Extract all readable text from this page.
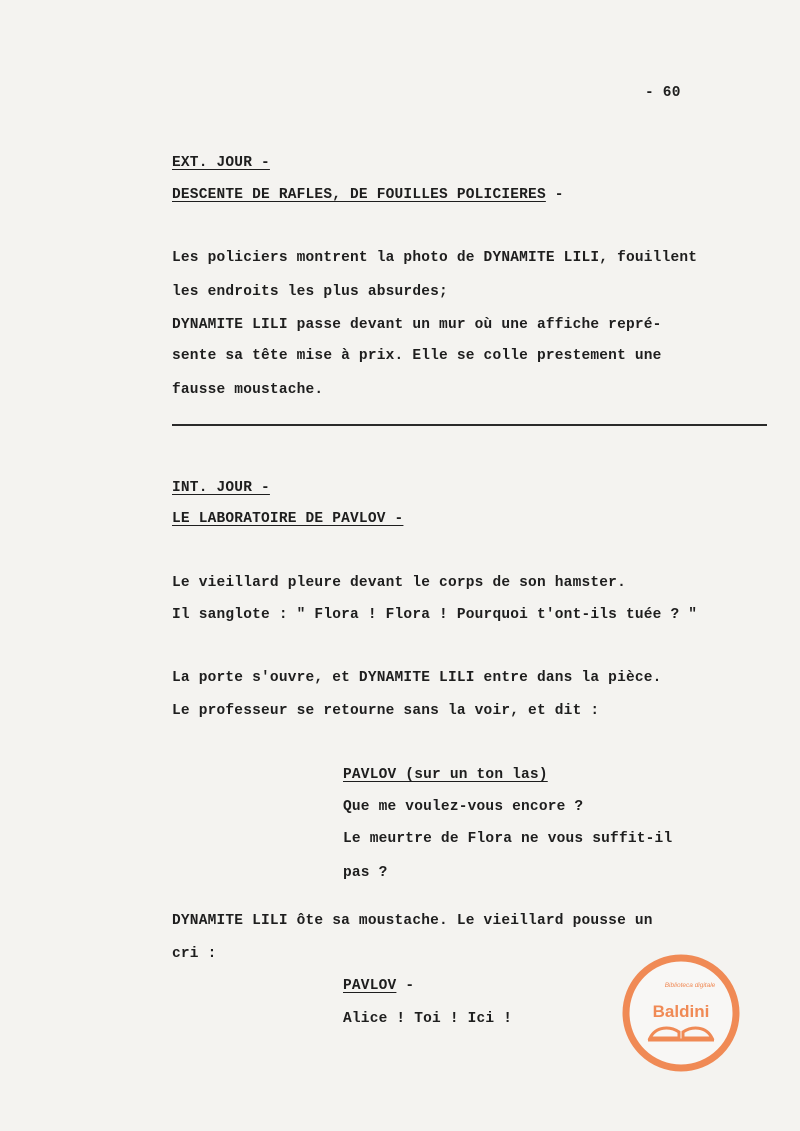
- 60
EXT. JOUR -
DESCENTE DE RAFLES, DE FOUILLES POLICIERES -
Les policiers montrent la photo de DYNAMITE LILI, fouillent
les endroits les plus absurdes;
DYNAMITE LILI passe devant un mur où une affiche repré-
sente sa tête mise à prix. Elle se colle prestement une
fausse moustache.
INT. JOUR -
LE LABORATOIRE DE PAVLOV -
Le vieillard pleure devant le corps de son hamster.
Il sanglote : " Flora ! Flora ! Pourquoi t'ont-ils tuée ? "
La porte s'ouvre, et DYNAMITE LILI entre dans la pièce.
Le professeur se retourne sans la voir, et dit :
PAVLOV (sur un ton las)
Que me voulez-vous encore ?
Le meurtre de Flora ne vous suffit-il
pas ?
DYNAMITE LILI ôte sa moustache. Le vieillard pousse un
cri :
PAVLOV -
Alice ! Toi ! Ici !
Biblioteca digitale
Baldini
